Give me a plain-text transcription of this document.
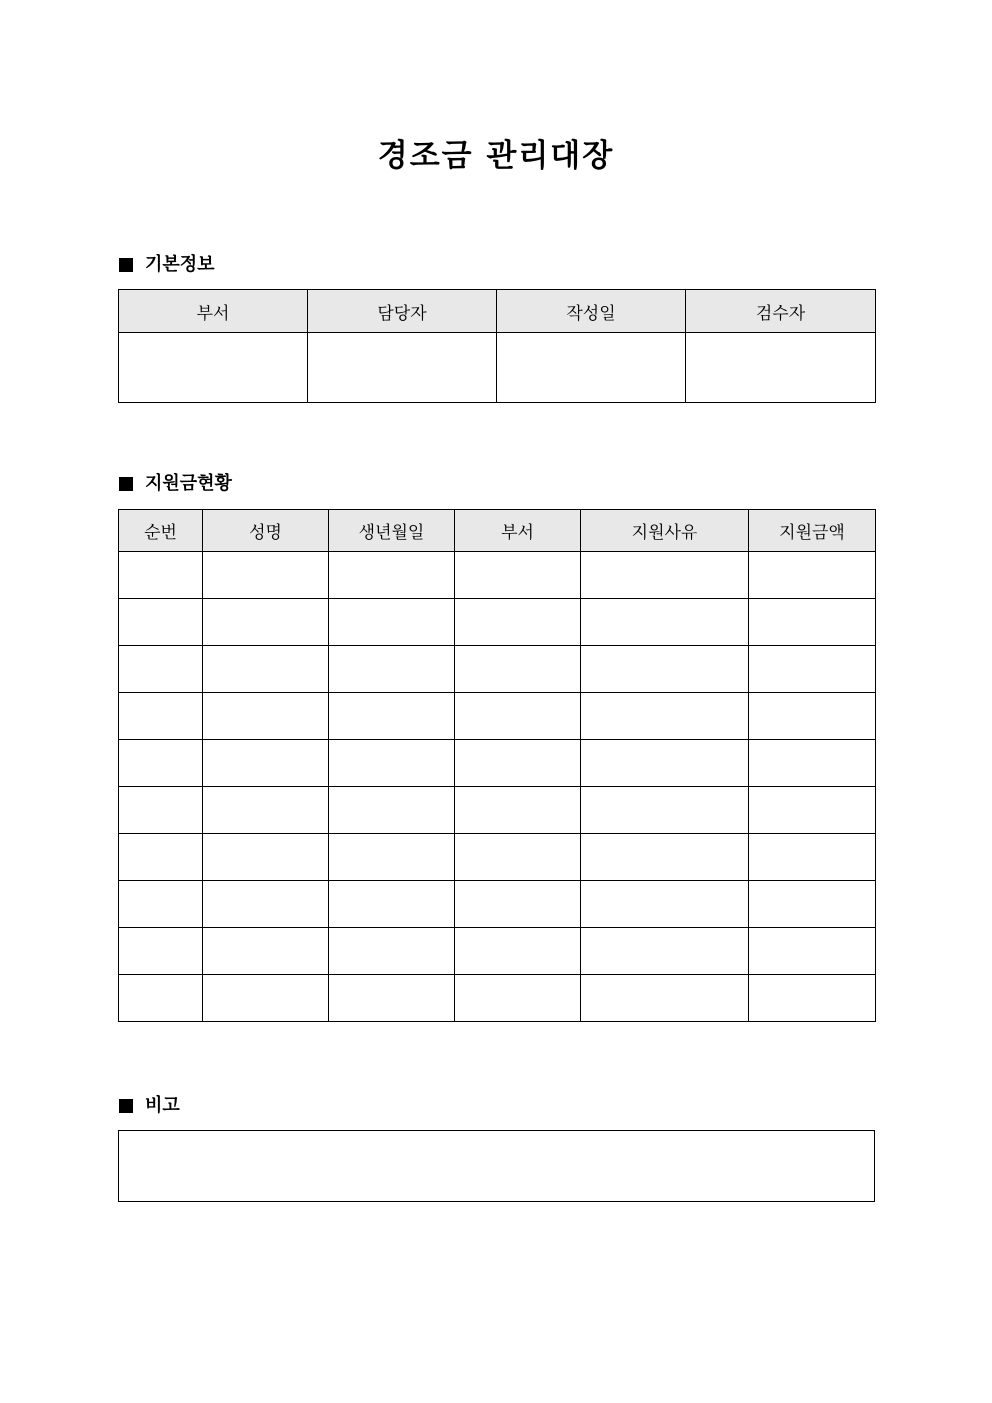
경조금 관리대장
기본정보
부서	담당자	작성일	검수자

지원금현황
순번	성명	생년월일	부서	지원사유	지원금액

비고
